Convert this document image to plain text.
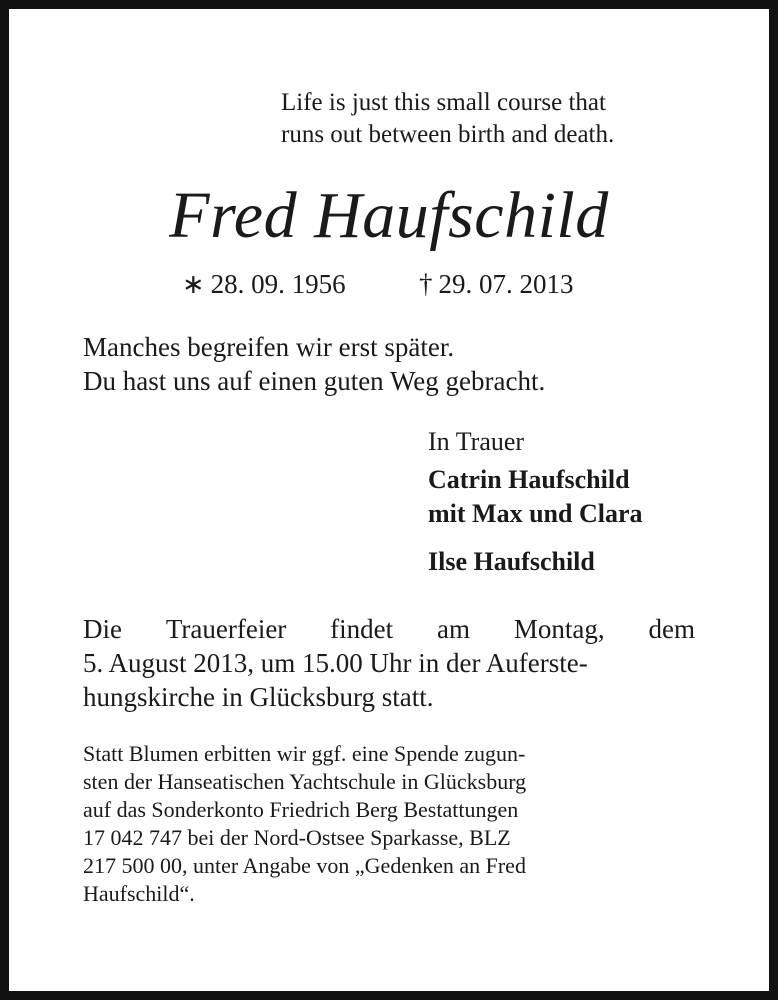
Life is just this small course that
runs out between birth and death.
Fred Haufschild
∗ 28. 09. 1956	† 29. 07. 2013
Manches begreifen wir erst später.
Du hast uns auf einen guten Weg gebracht.
In Trauer
Catrin Haufschild
mit Max und Clara
Ilse Haufschild
Die Trauerfeier findet am Montag, dem
5. August 2013, um 15.00 Uhr in der Auferste-
hungskirche in Glücksburg statt.
Statt Blumen erbitten wir ggf. eine Spende zugun-
sten der Hanseatischen Yachtschule in Glücksburg
auf das Sonderkonto Friedrich Berg Bestattungen
17 042 747 bei der Nord-Ostsee Sparkasse, BLZ
217 500 00, unter Angabe von „Gedenken an Fred
Haufschild“.
